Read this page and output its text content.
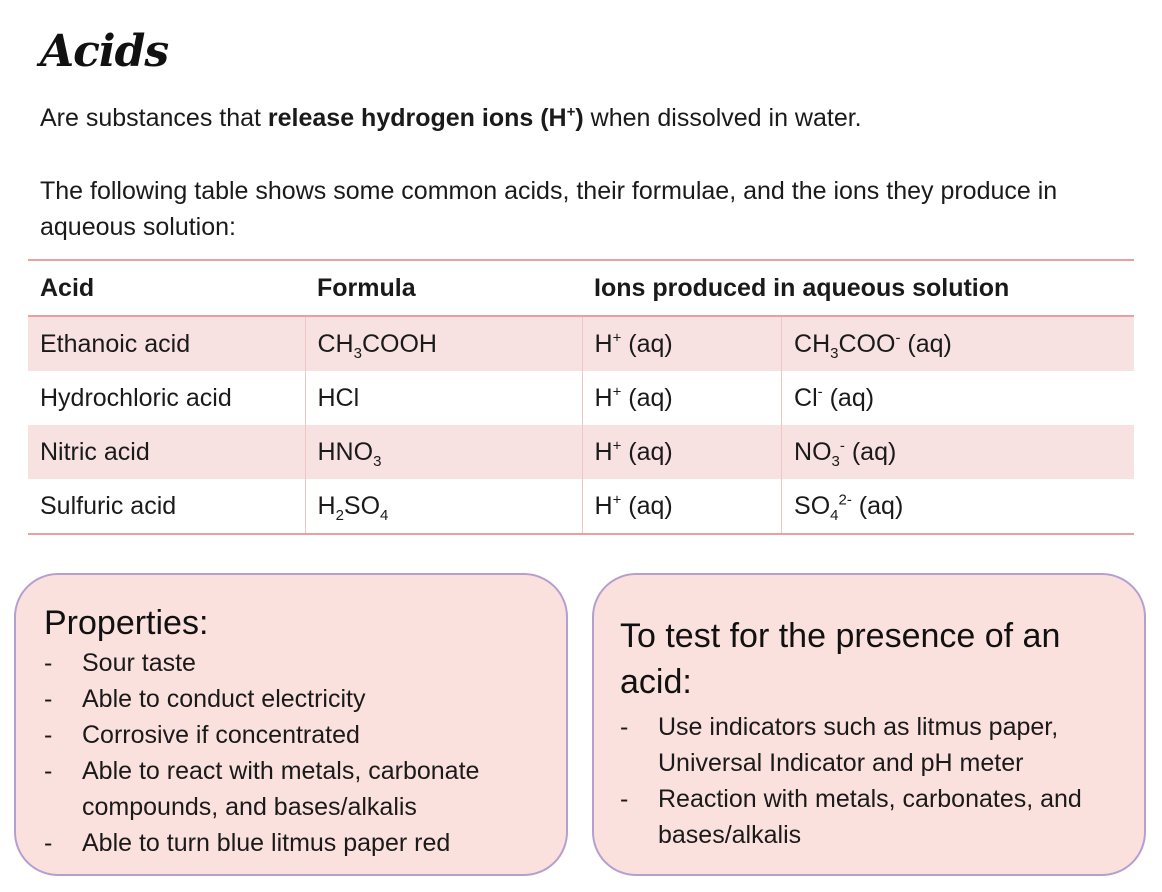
Acids
Are substances that release hydrogen ions (H+) when dissolved in water.
The following table shows some common acids, their formulae, and the ions they produce in aqueous solution:
Acid	Formula	Ions produced in aqueous solution	
Ethanoic acid	$CH_3COOH$	H+ (aq)	$CH_3COO^-$ (aq)
Hydrochloric acid	HCl	H+ (aq)	Cl- (aq)
Nitric acid	$HNO_3$	H+ (aq)	$NO_3^-$ (aq)
Sulfuric acid	$H_2SO_4$	H+ (aq)	$SO_4^{2-}$ (aq)
Properties:
- Sour taste
- Able to conduct electricity
- Corrosive if concentrated
- Able to react with metals, carbonate compounds, and bases/alkalis
- Able to turn blue litmus paper red
To test for the presence of an acid:
- Use indicators such as litmus paper, Universal Indicator and pH meter
- Reaction with metals, carbonates, and bases/alkalis
